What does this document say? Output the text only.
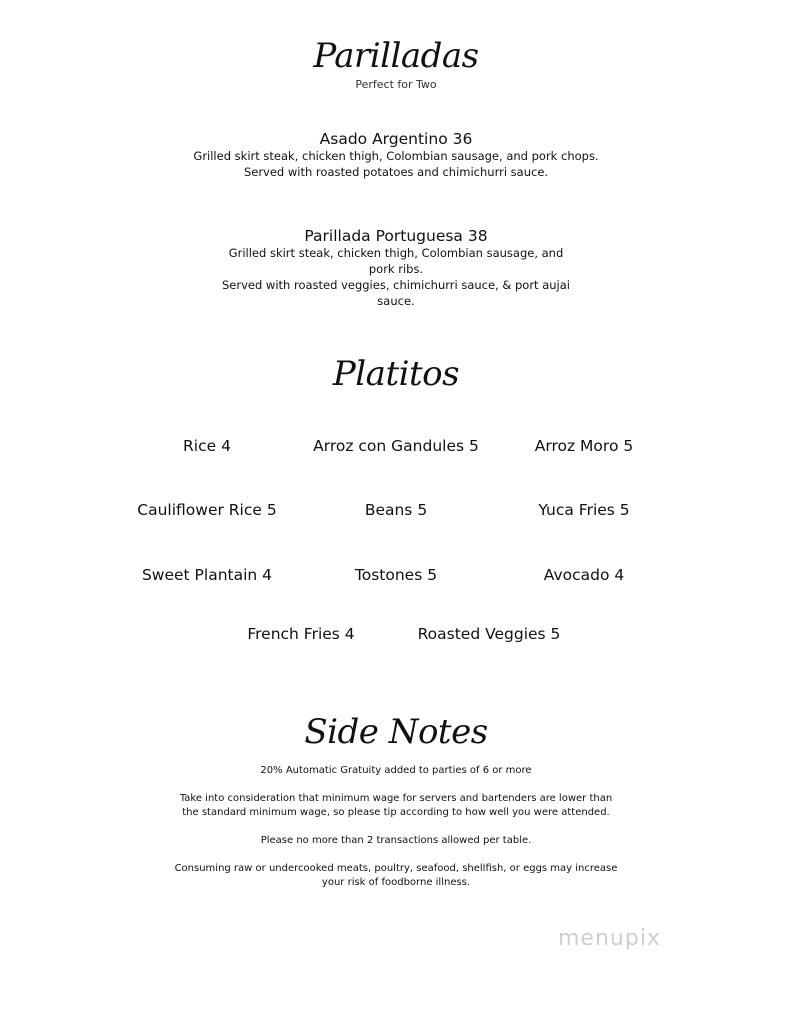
Parilladas
Perfect for Two
Asado Argentino 36
Grilled skirt steak, chicken thigh, Colombian sausage, and pork chops.
Served with roasted potatoes and chimichurri sauce.
Parillada Portuguesa 38
Grilled skirt steak, chicken thigh, Colombian sausage, and
pork ribs.
Served with roasted veggies, chimichurri sauce, & port aujai
sauce.
Platitos
Rice 4	Arroz con Gandules 5	Arroz Moro 5
Cauliflower Rice 5	Beans 5	Yuca Fries 5
Sweet Plantain 4	Tostones 5	Avocado 4
French Fries 4	Roasted Veggies 5
Side Notes
20% Automatic Gratuity added to parties of 6 or more
Take into consideration that minimum wage for servers and bartenders are lower than
the standard minimum wage, so please tip according to how well you were attended.
Please no more than 2 transactions allowed per table.
Consuming raw or undercooked meats, poultry, seafood, shellfish, or eggs may increase
your risk of foodborne illness.
menupix
